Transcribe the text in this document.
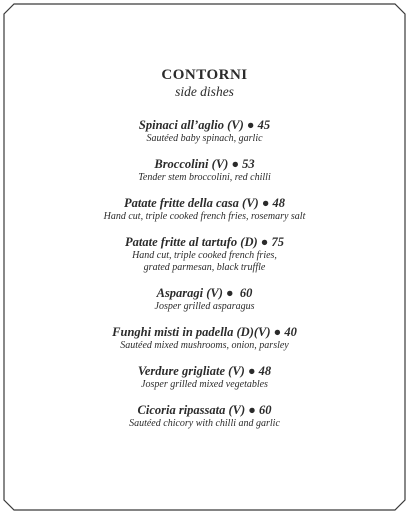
CONTORNI
side dishes
Spinaci all’aglio (V) ● 45
Sautéed baby spinach, garlic
Broccolini (V) ● 53
Tender stem broccolini, red chilli
Patate fritte della casa (V) ● 48
Hand cut, triple cooked french fries, rosemary salt
Patate fritte al tartufo (D) ● 75
Hand cut, triple cooked french fries,
grated parmesan, black truffle
Asparagi (V) ●  60
Josper grilled asparagus
Funghi misti in padella (D)(V) ● 40
Sautéed mixed mushrooms, onion, parsley
Verdure grigliate (V) ● 48
Josper grilled mixed vegetables
Cicoria ripassata (V) ● 60
Sautéed chicory with chilli and garlic
